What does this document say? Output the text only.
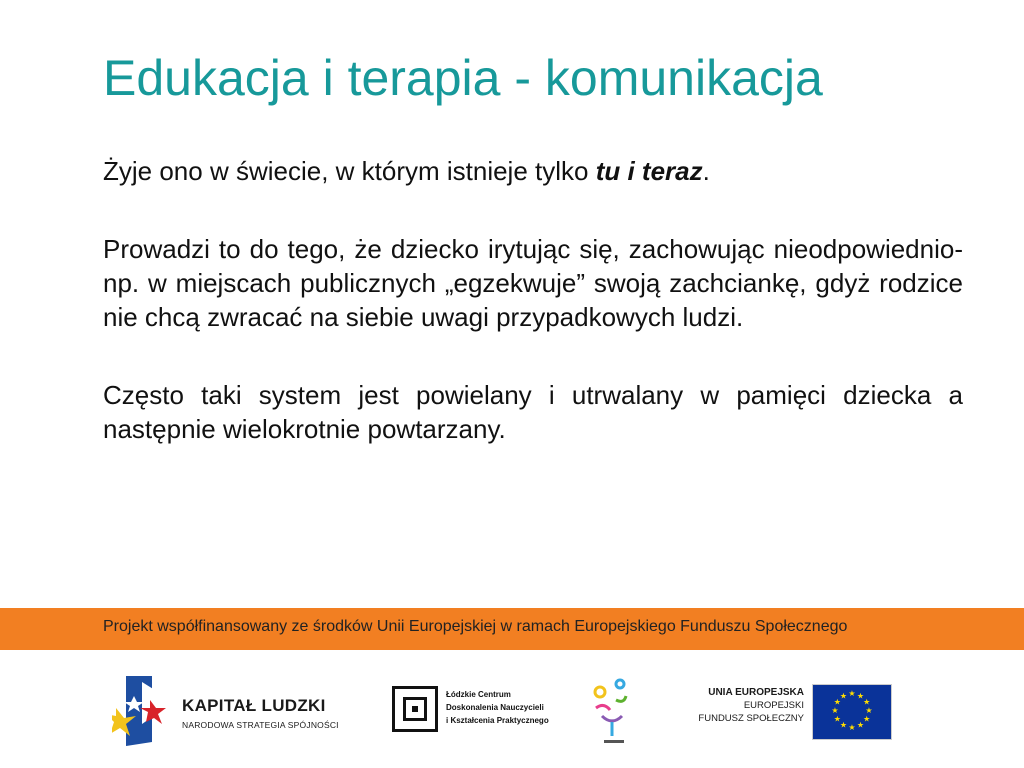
Edukacja i terapia - komunikacja

Żyje ono w świecie, w którym istnieje tylko tu i teraz.

Prowadzi to do tego, że dziecko irytując się, zachowując nieodpowiednio- np. w miejscach publicznych „egzekwuje” swoją zachciankę, gdyż rodzice nie chcą zwracać na siebie uwagi przypadkowych ludzi.

Często taki system jest powielany i utrwalany w pamięci dziecka a następnie wielokrotnie powtarzany.

Projekt współfinansowany ze środków Unii Europejskiej w ramach Europejskiego Funduszu Społecznego
KAPITAŁ LUDZKI
NARODOWA STRATEGIA SPÓJNOŚCI
Łódzkie Centrum
Doskonalenia Nauczycieli
i Kształcenia Praktycznego
UNIA EUROPEJSKA
EUROPEJSKI
FUNDUSZ SPOŁECZNY
★ ★
★
★
★
★
★
★
★
★
★
★
